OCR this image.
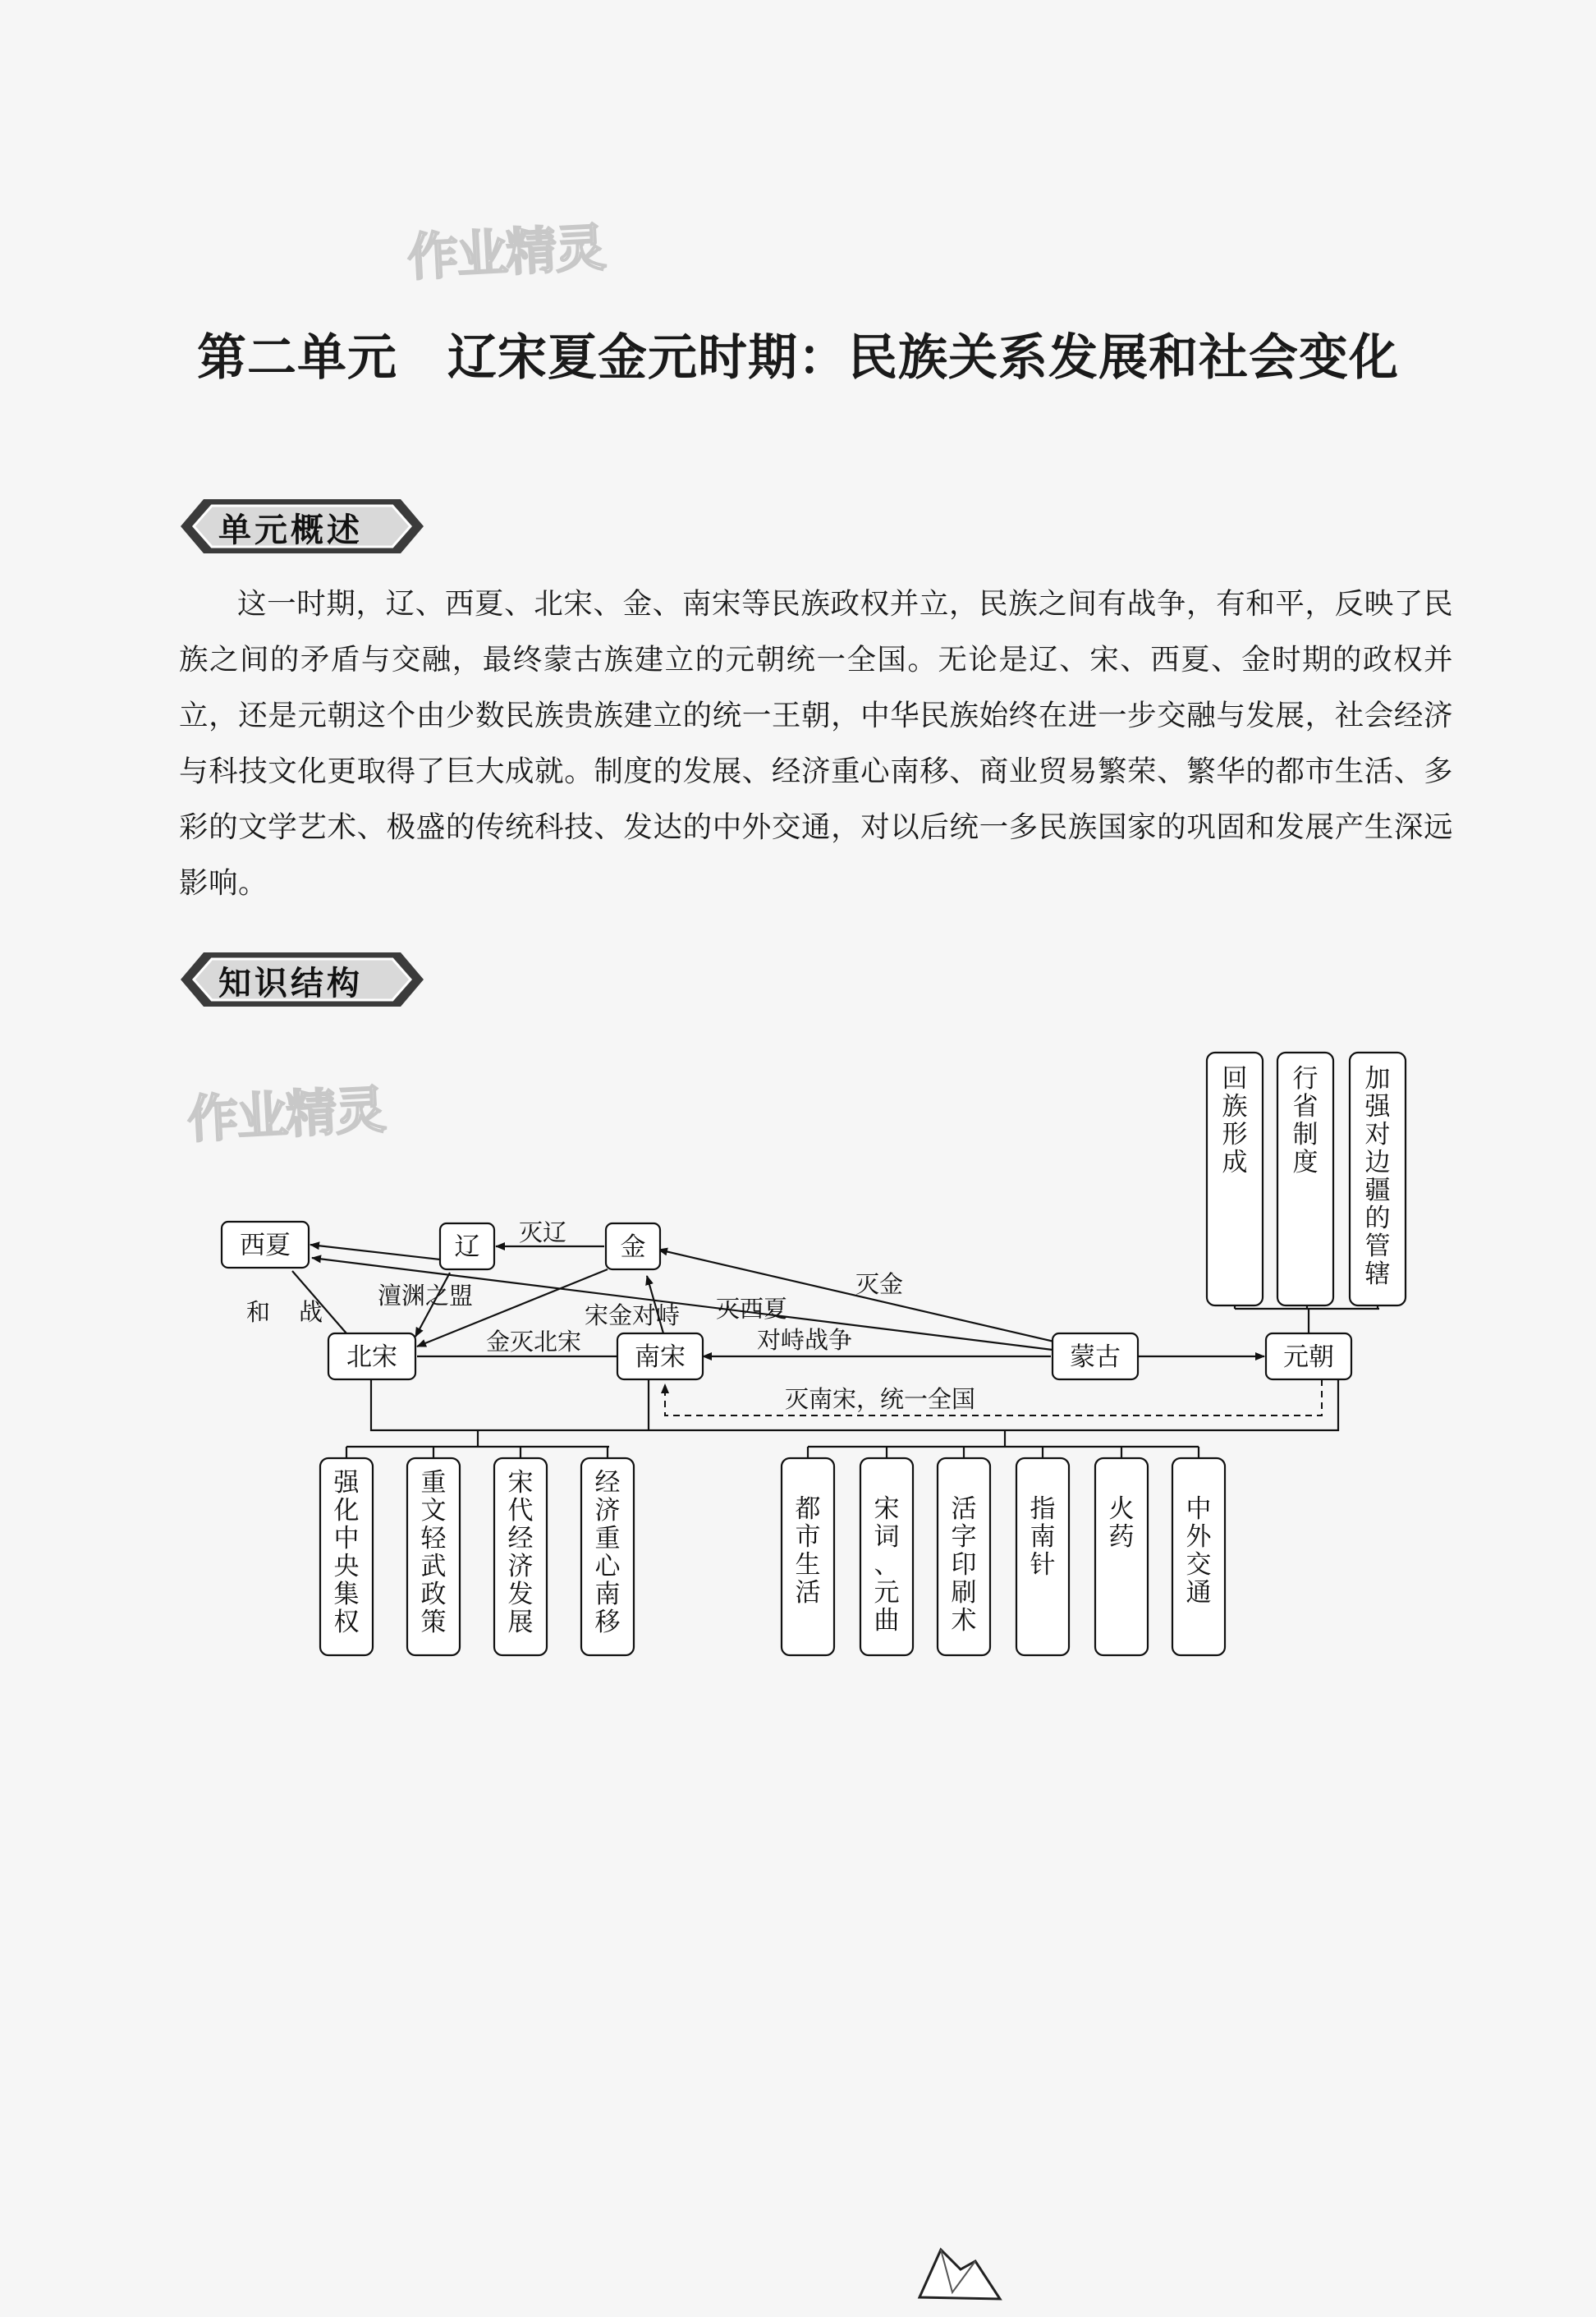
作业精灵
作业精灵
第二单元　辽宋夏金元时期：民族关系发展和社会变化
单元概述
这一时期，辽、西夏、北宋、金、南宋等民族政权并立，民族之间有战争，有和平，反映了民族之间的矛盾与交融，最终蒙古族建立的元朝统一全国。无论是辽、宋、西夏、金时期的政权并立，还是元朝这个由少数民族贵族建立的统一王朝，中华民族始终在进一步交融与发展，社会经济与科技文化更取得了巨大成就。制度的发展、经济重心南移、商业贸易繁荣、繁华的都市生活、多彩的文学艺术、极盛的传统科技、发达的中外交通，对以后统一多民族国家的巩固和发展产生深远影响。
知识结构
西夏	辽	金
北宋	南宋	蒙古	元朝
灭辽
澶渊之盟
和 战	宋金对峙
金灭北宋
灭西夏
灭金
对峙战争
灭南宋，统一全国
回族形成
行省制度
加强对边疆的管辖
强化中央集权
重文轻武政策
宋代经济发展
经济重心南移
都市生活
宋词、元曲
活字印刷术
指南针
火药
中外交通
